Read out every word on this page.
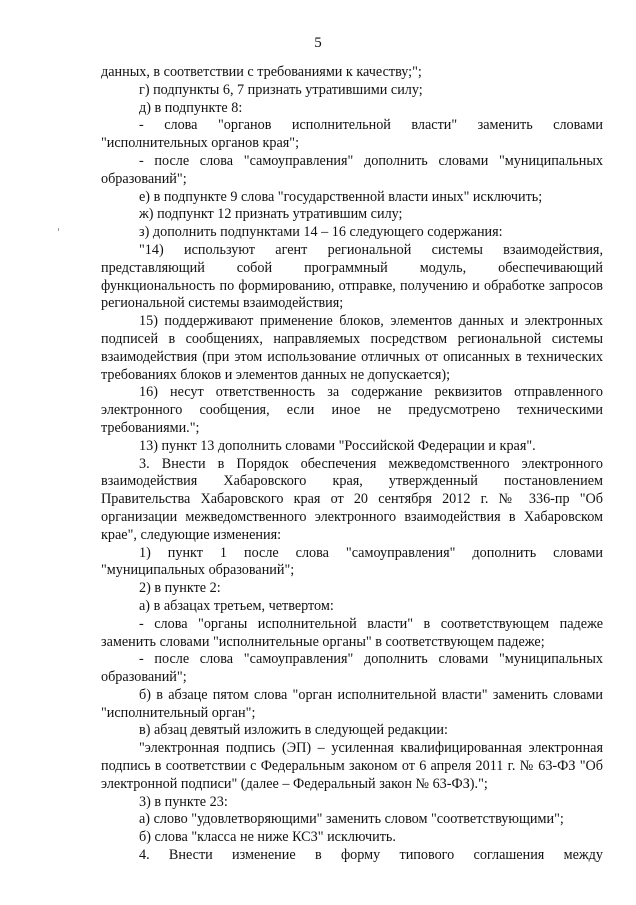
5

данных, в соответствии с требованиями к качеству;";

г) подпункты 6, 7 признать утратившими силу;

д) в подпункте 8:

- слова "органов исполнительной власти" заменить словами "исполнительных органов края";

- после слова "самоуправления" дополнить словами "муниципальных образований";

е) в подпункте 9 слова "государственной власти иных" исключить;

ж) подпункт 12 признать утратившим силу;

з) дополнить подпунктами 14 – 16 следующего содержания:

"14) используют агент региональной системы взаимодействия, представляющий собой программный модуль, обеспечивающий функциональность по формированию, отправке, получению и обработке запросов региональной системы взаимодействия;

15) поддерживают применение блоков, элементов данных и электронных подписей в сообщениях, направляемых посредством региональной системы взаимодействия (при этом использование отличных от описанных в технических требованиях блоков и элементов данных не допускается);

16) несут ответственность за содержание реквизитов отправленного электронного сообщения, если иное не предусмотрено техническими требованиями.";

13) пункт 13 дополнить словами "Российской Федерации и края".

3. Внести в Порядок обеспечения межведомственного электронного взаимодействия Хабаровского края, утвержденный постановлением Правительства Хабаровского края от 20 сентября 2012 г. № 336-пр "Об организации межведомственного электронного взаимодействия в Хабаровском крае", следующие изменения:

1) пункт 1 после слова "самоуправления" дополнить словами "муниципальных образований";

2) в пункте 2:

а) в абзацах третьем, четвертом:

- слова "органы исполнительной власти" в соответствующем падеже заменить словами "исполнительные органы" в соответствующем падеже;

- после слова "самоуправления" дополнить словами "муниципальных образований";

б) в абзаце пятом слова "орган исполнительной власти" заменить словами "исполнительный орган";

в) абзац девятый изложить в следующей редакции:

"электронная подпись (ЭП) – усиленная квалифицированная электронная подпись в соответствии с Федеральным законом от 6 апреля 2011 г. № 63-ФЗ "Об электронной подписи" (далее – Федеральный закон № 63-ФЗ).";

3) в пункте 23:

а) слово "удовлетворяющими" заменить словом "соответствующими";

б) слова "класса не ниже КС3" исключить.

4. Внести изменение в форму типового соглашения между
